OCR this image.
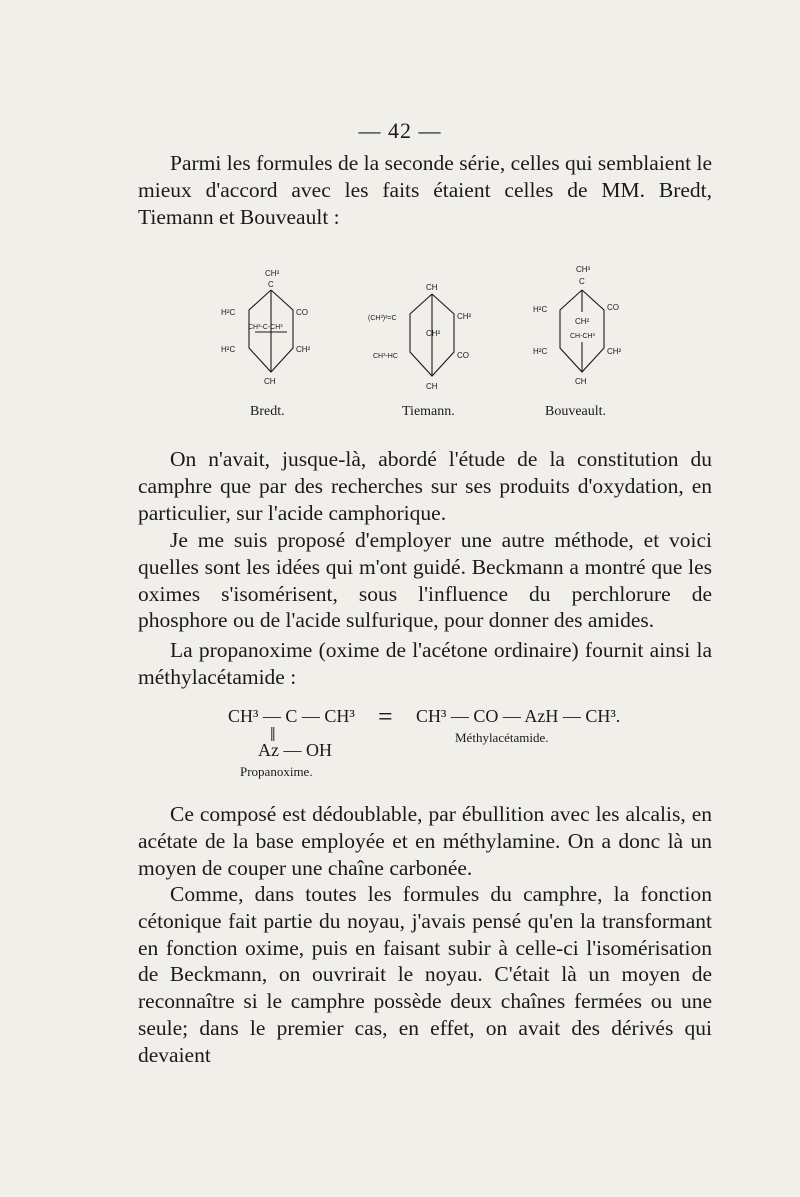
— 42 —

Parmi les formules de la seconde série, celles qui semblaient le mieux d'accord avec les faits étaient celles de MM. Bredt, Tiemann et Bouveault :

CH³
C
H²C	CO
CH³-C-CH³
H²C	CH²
CH
CH
(CH³)²=C	CH²
CH²
CH³-HC	CO
CH
CH³
C
H²C	CO
CH²
CH-CH³
H²C	CH²
CH
Bredt.	Tiemann.	Bouveault.

On n'avait, jusque-là, abordé l'étude de la constitution du camphre que par des recherches sur ses produits d'oxydation, en particulier, sur l'acide camphorique.

Je me suis proposé d'employer une autre méthode, et voici quelles sont les idées qui m'ont guidé. Beckmann a montré que les oximes s'isomérisent, sous l'influence du perchlorure de phosphore ou de l'acide sulfurique, pour donner des amides.

La propanoxime (oxime de l'acétone ordinaire) fournit ainsi la méthylacétamide :

CH³ — C — CH³
‖
Az — OH
Propanoxime.
= CH³ — CO — AzH — CH³.
Méthylacétamide.

Ce composé est dédoublable, par ébullition avec les alcalis, en acétate de la base employée et en méthylamine. On a donc là un moyen de couper une chaîne carbonée.

Comme, dans toutes les formules du camphre, la fonction cétonique fait partie du noyau, j'avais pensé qu'en la transformant en fonction oxime, puis en faisant subir à celle-ci l'isomérisation de Beckmann, on ouvrirait le noyau. C'était là un moyen de reconnaître si le camphre possède deux chaînes fermées ou une seule; dans le premier cas, en effet, on avait des dérivés qui devaient
